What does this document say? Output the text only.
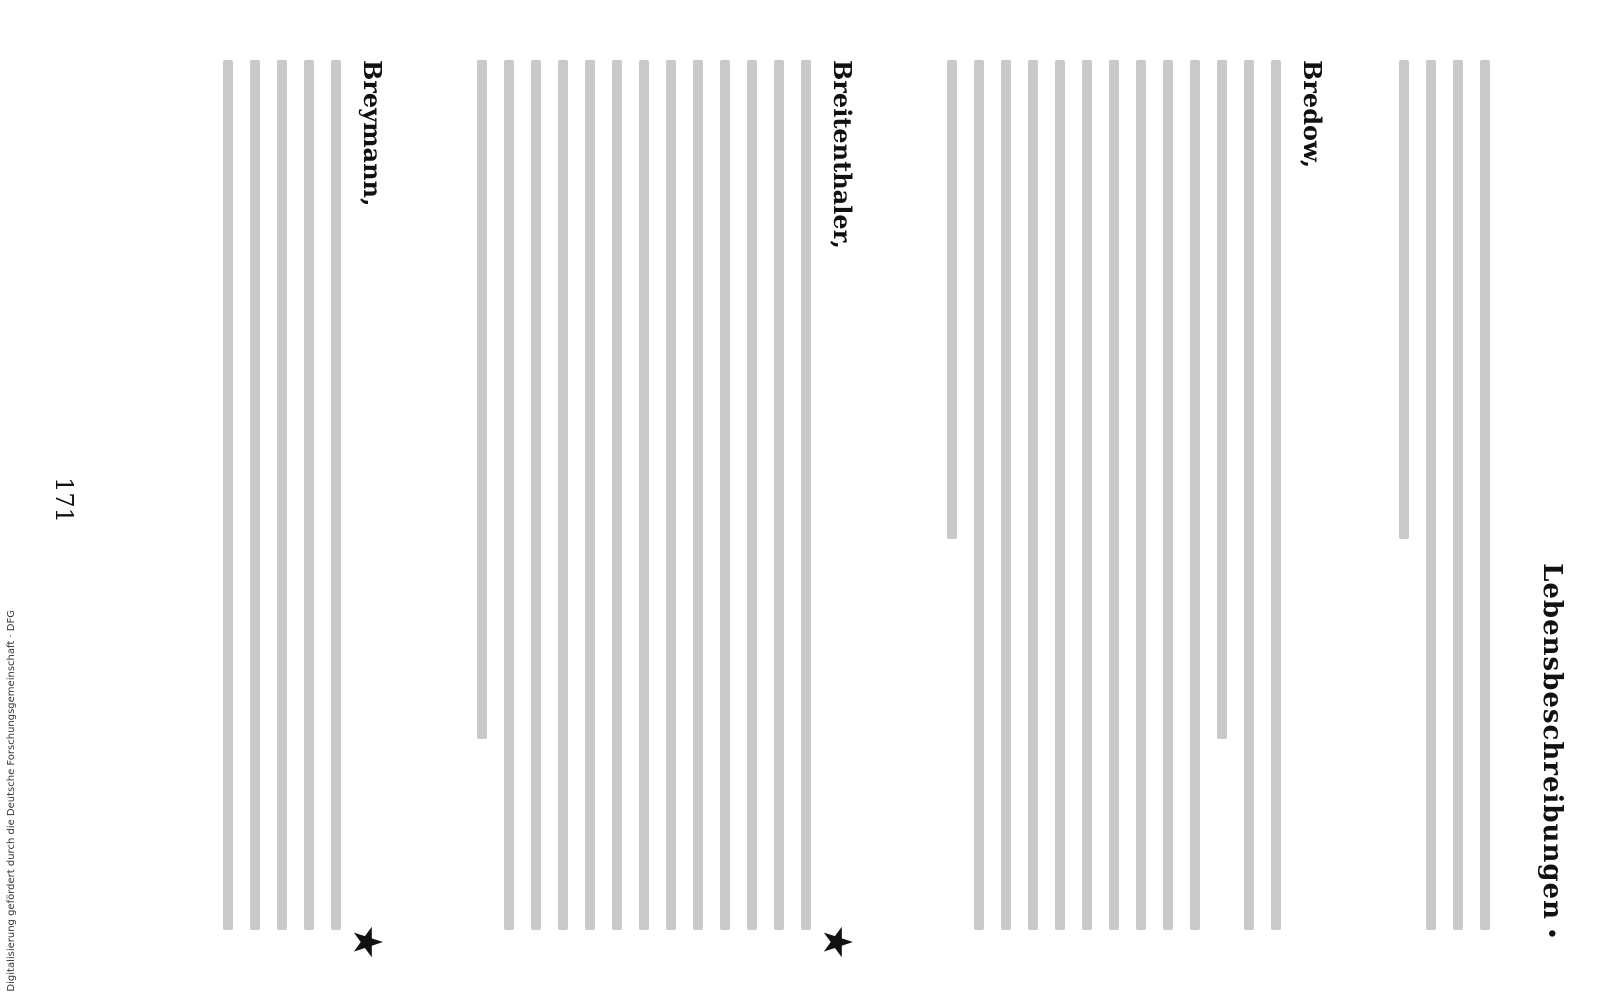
Lebensbeschreibungen
•
Bredow,
Breitenthaler,
Breymann,
★
★
171
Digitalisierung gefördert durch die Deutsche Forschungsgemeinschaft · DFG
